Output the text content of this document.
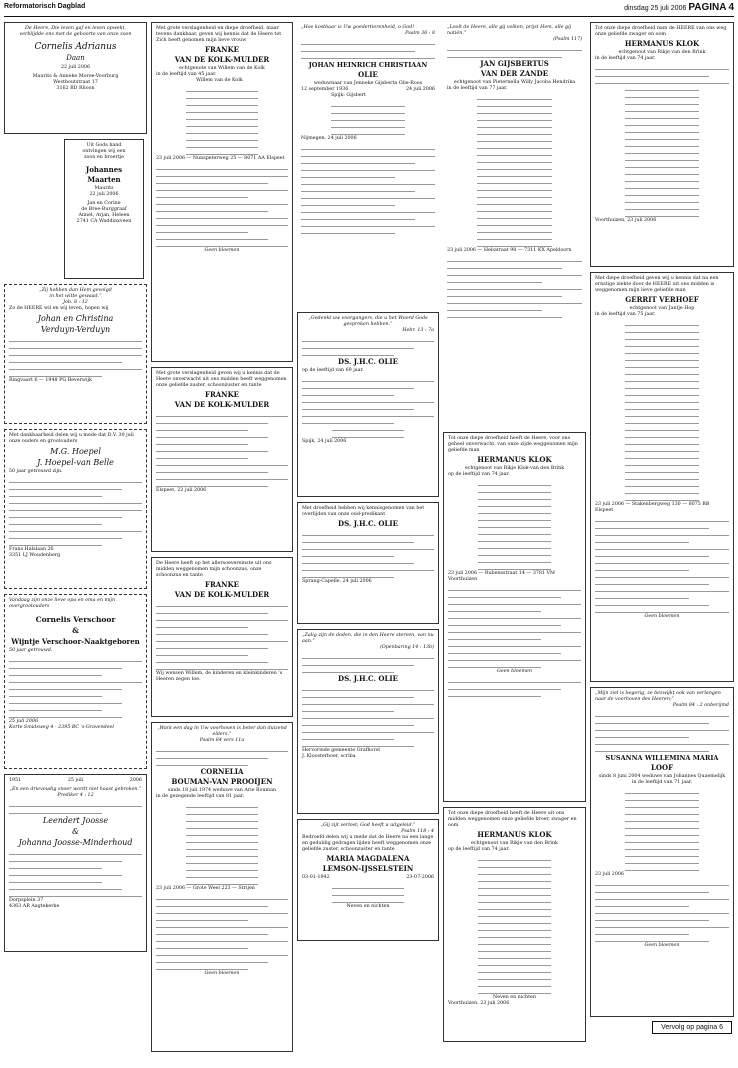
Reformatorisch Dagblad	dinsdag 25 juli 2006 PAGINA 4

De Heere, Die leven gaf en leven opwekt,

verblijdde ons met de geboorte van onze zoon

Cornelis Adrianus

Daan

22 juli 2006

Maurits & Anneke Moree-Voorburg

Westhoutstraat 17

3162 BD Rhoon

Uit Gods hand

ontvingen wij een

zoon en broertje

Johannes

Maarten

Maurits

22 juli 2006

Jan en Corine

de Bree-Burggraaf

Annet, Arjan, Heleen

2741 CA Waddinxveen

„Zij hebben dan Hem gevolgd

in het witte gewaad.”

Job. 8 : 12

Zo de HEERE wil en wij leven, hopen wij

Johan en Christina

Verduyn-Verduyn

Ringvaart 6 — 1948 PG Beverwijk

Met dankbaarheid delen wij u mede dat D.V. 30 juli onze ouders en grootouders

M.G. Hoepel

J. Hoepel-van Belle

50 jaar getrouwd zijn.

Frans Halslaan 26

3351 LJ Woudenberg

Vandaag zijn onze lieve opa en oma en mijn overgrootouders

Cornelis Verschoor

&

Wijntje Verschoor-Naaktgeboren

50 jaar getrouwd.

25 juli 2006

Korte Smidsweg 4 - 2395 BC 's-Gravendeel

1951	25 juli	2006

„En een drievoudig snoer wordt niet haast gebroken.”

Prediker 4 : 12

Leendert Joosse

&

Johanna Joosse-Minderhoud

Dorpsplein 37

4363 AR Aagtekerke

Met grote verslagenheid en diepe droefheid, maar tevens dankbaar, geven wij kennis dat de Heere tot Zich heeft genomen mijn lieve vrouw

FRANKE

VAN DE KOLK-MULDER

echtgenote van Willem van de Kolk

in de leeftijd van 45 jaar.

Willem van de Kolk

23 juli 2006 — Nunspeterweg 25 — 8071 AA Elspeet

Geen bloemen

Met grote verslagenheid geven wij u kennis dat de Heere onverwacht uit ons midden heeft weggenomen onze geliefde zuster, schoonzuster en tante

FRANKE

VAN DE KOLK-MULDER

Elspeet, 22 juli 2006

De Heere heeft op het allersoevereinste uit ons midden weggenomen mijn schoonzus, onze schoonzus en tante

FRANKE

VAN DE KOLK-MULDER

Wij wensen Willem, de kinderen en kleinkinderen 's Heeren zegen toe.

„Want een dag in Uw voorhoven is beter dan duizend elders.”

Psalm 84 vers 11a

CORNELIA

BOUMAN-VAN PROOIJEN

sinds 18 juli 1974 weduwe van Arie Bouman

in de gezegende leeftijd van 81 jaar.

23 juli 2006 — Grote Weel 223 — Strijen

Geen bloemen

„Hoe kostbaar is Uw goedertierenheid, o God!

Psalm 36 : 8

JOHAN HEINRICH CHRISTIAAN

OLIE

weduwnaar van Jenneke Gijsberta Olie-Roos

12 september 1936	24 juli 2006

Spijk: Gijsbert

Nijmegen, 24 juli 2006

„Gedenkt uw voorgangers, die u het Woord Gods gesproken hebben.”

Hebr. 13 : 7a

DS. J.H.C. OLIE

op de leeftijd van 69 jaar.

Spijk, 24 juli 2006

Met droefheid hebben wij kennisgenomen van het overlijden van onze oud-predikant

DS. J.H.C. OLIE

Sprang-Capelle, 24 juli 2006

„Zalig zijn de doden, die in den Heere sterven, van nu aan.”

(Openbaring 14 : 13b)

DS. J.H.C. OLIE

Hervormde gemeente Grafhorst

J. Kloosterboer, scriba

„Gij zijt verlost; God heeft u uitgeleid.”

Psalm 118 : 4

Bedroefd delen wij u mede dat de Heere na een lange en geduldig gedragen lijden heeft weggenomen onze geliefde zuster, schoonzuster en tante

MARIA MAGDALENA

LEMSON-IJSSELSTEIN

03-01-1942	23-07-2006

Neven en nichten

„Loolt de Heere, alle gij volken, prijst Hem, alle gij natiën.”

(Psalm 117)

JAN GIJSBERTUS

VAN DER ZANDE

echtgenoot van Pieternella Willy Jacoba Hendrika

in de leeftijd van 77 jaar.

23 juli 2006 — Hebatraat 98 — 7311 KX Apeldoorn

Tot onze diepe droefheid heeft de Heere, voor ons geheel onverwacht, van onze zijde weggenomen mijn geliefde man

HERMANUS KLOK

echtgenoot van Rikje Klok-van den Brink

op de leeftijd van 74 jaar.

23 juli 2006 — Rubensstraat 14 — 3781 VM Voorthuizen

Geen bloemen

Tot onze diepe droefheid heeft de Heere uit ons midden weggenomen onze geliefde broer, zwager en oom

HERMANUS KLOK

echtgenoot van Rikje van den Brink

op de leeftijd van 74 jaar.

Neven en nichten

Voorthuizen, 23 juli 2006

Tot onze diepe droefheid nam de HEERE van ons weg onze geliefde zwager en oom

HERMANUS KLOK

echtgenoot van Rikje van den Brink

in de leeftijd van 74 jaar.

Voorthuizen, 23 juli 2006

Met diepe droefheid geven wij u kennis dat na een ernstige ziekte door de HEERE uit ons midden is weggenomen mijn lieve geliefde man

GERRIT VERHOEF

echtgenoot van Jantje Hop

in de leeftijd van 75 jaar.

23 juli 2006 — Stakenbergweg 130 — 8075 BB Elspeet

Geen bloemen

„Mijn ziel is begerig, ze bezwijkt ook van verlangen naar de voorhoven des Heeren;”

Psalm 84 : 2 onberijmd

SUSANNA WILLEMINA MARIA

LOOF

sinds 8 juni 2004 weduwe van Johannes Quaemelijk

in de leeftijd van 71 jaar.

23 juli 2006

Geen bloemen

Vervolg op pagina 6
